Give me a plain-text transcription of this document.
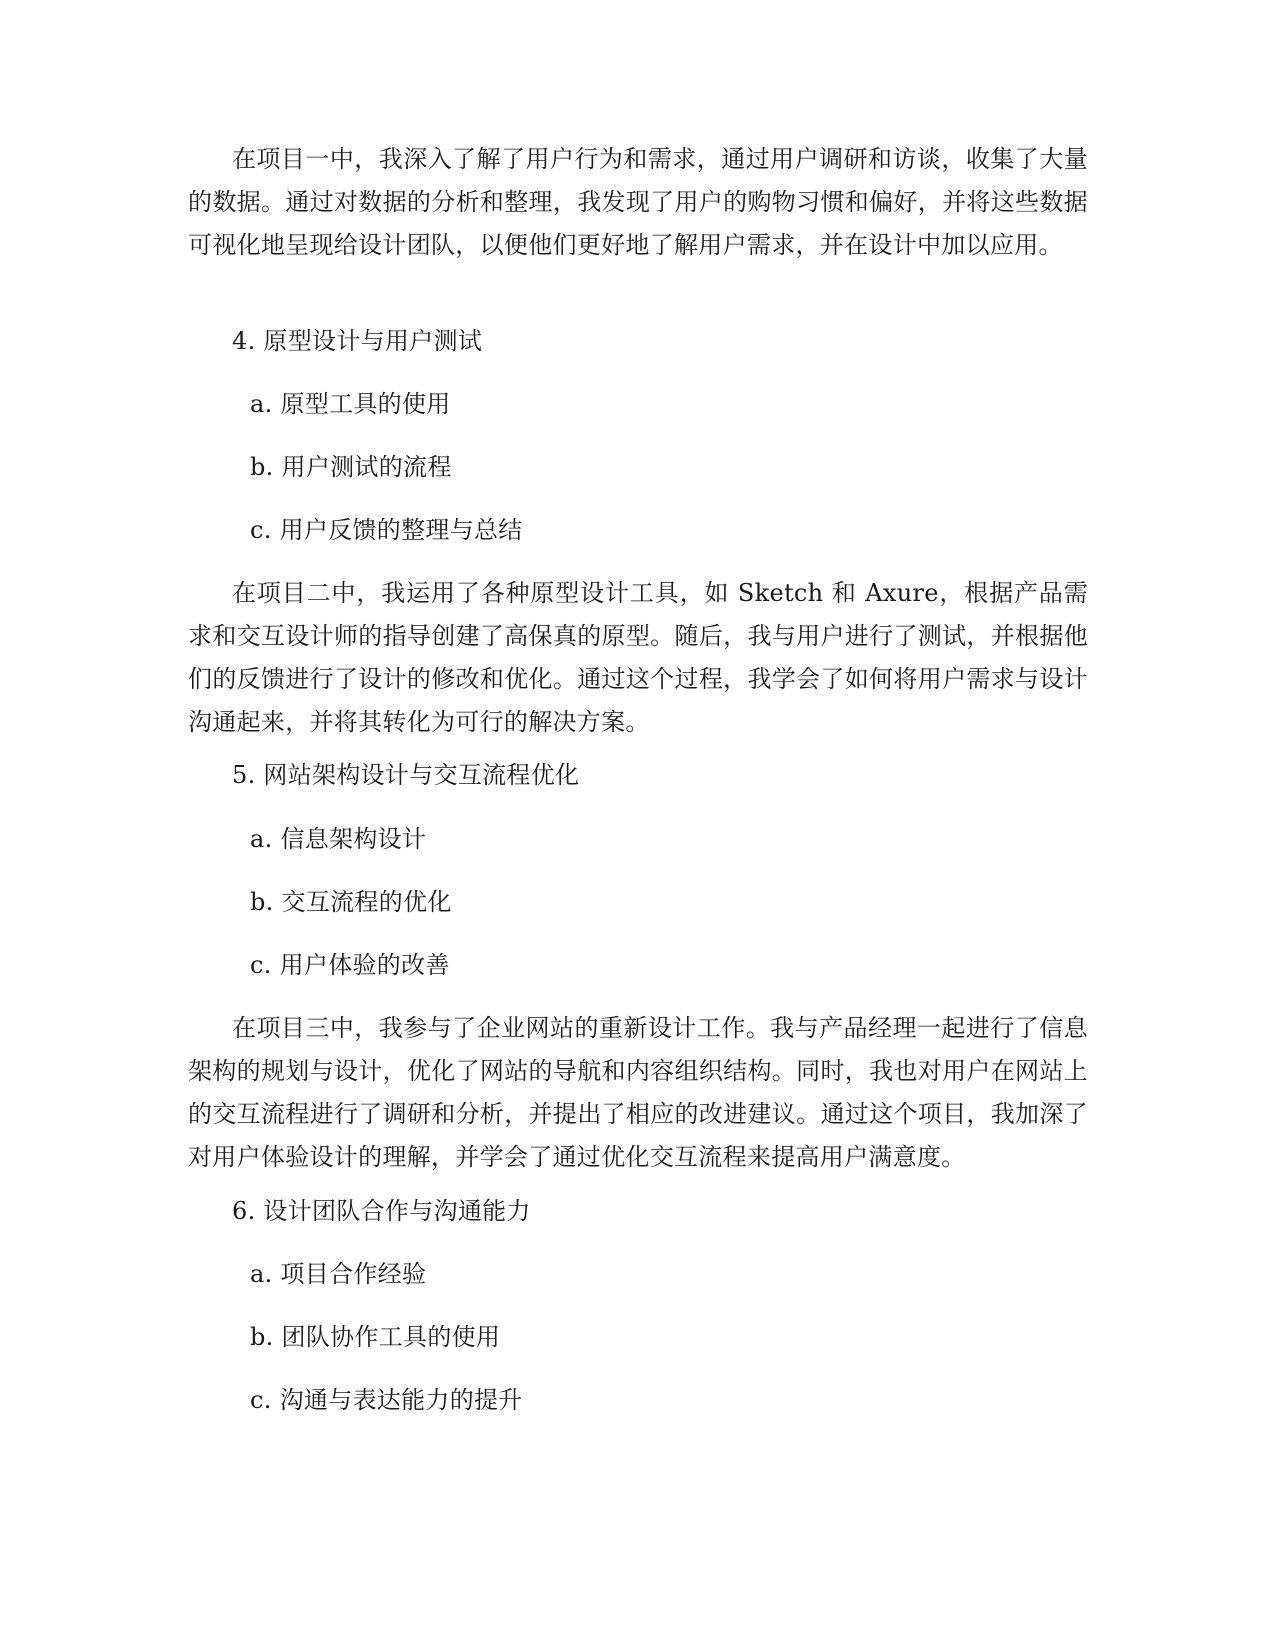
在项目一中，我深入了解了用户行为和需求，通过用户调研和访谈，收集了大量的数据。通过对数据的分析和整理，我发现了用户的购物习惯和偏好，并将这些数据可视化地呈现给设计团队，以便他们更好地了解用户需求，并在设计中加以应用。

4. 原型设计与用户测试

a. 原型工具的使用

b. 用户测试的流程

c. 用户反馈的整理与总结

在项目二中，我运用了各种原型设计工具，如 Sketch 和 Axure，根据产品需求和交互设计师的指导创建了高保真的原型。随后，我与用户进行了测试，并根据他们的反馈进行了设计的修改和优化。通过这个过程，我学会了如何将用户需求与设计沟通起来，并将其转化为可行的解决方案。

5. 网站架构设计与交互流程优化

a. 信息架构设计

b. 交互流程的优化

c. 用户体验的改善

在项目三中，我参与了企业网站的重新设计工作。我与产品经理一起进行了信息架构的规划与设计，优化了网站的导航和内容组织结构。同时，我也对用户在网站上的交互流程进行了调研和分析，并提出了相应的改进建议。通过这个项目，我加深了对用户体验设计的理解，并学会了通过优化交互流程来提高用户满意度。

6. 设计团队合作与沟通能力

a. 项目合作经验

b. 团队协作工具的使用

c. 沟通与表达能力的提升
